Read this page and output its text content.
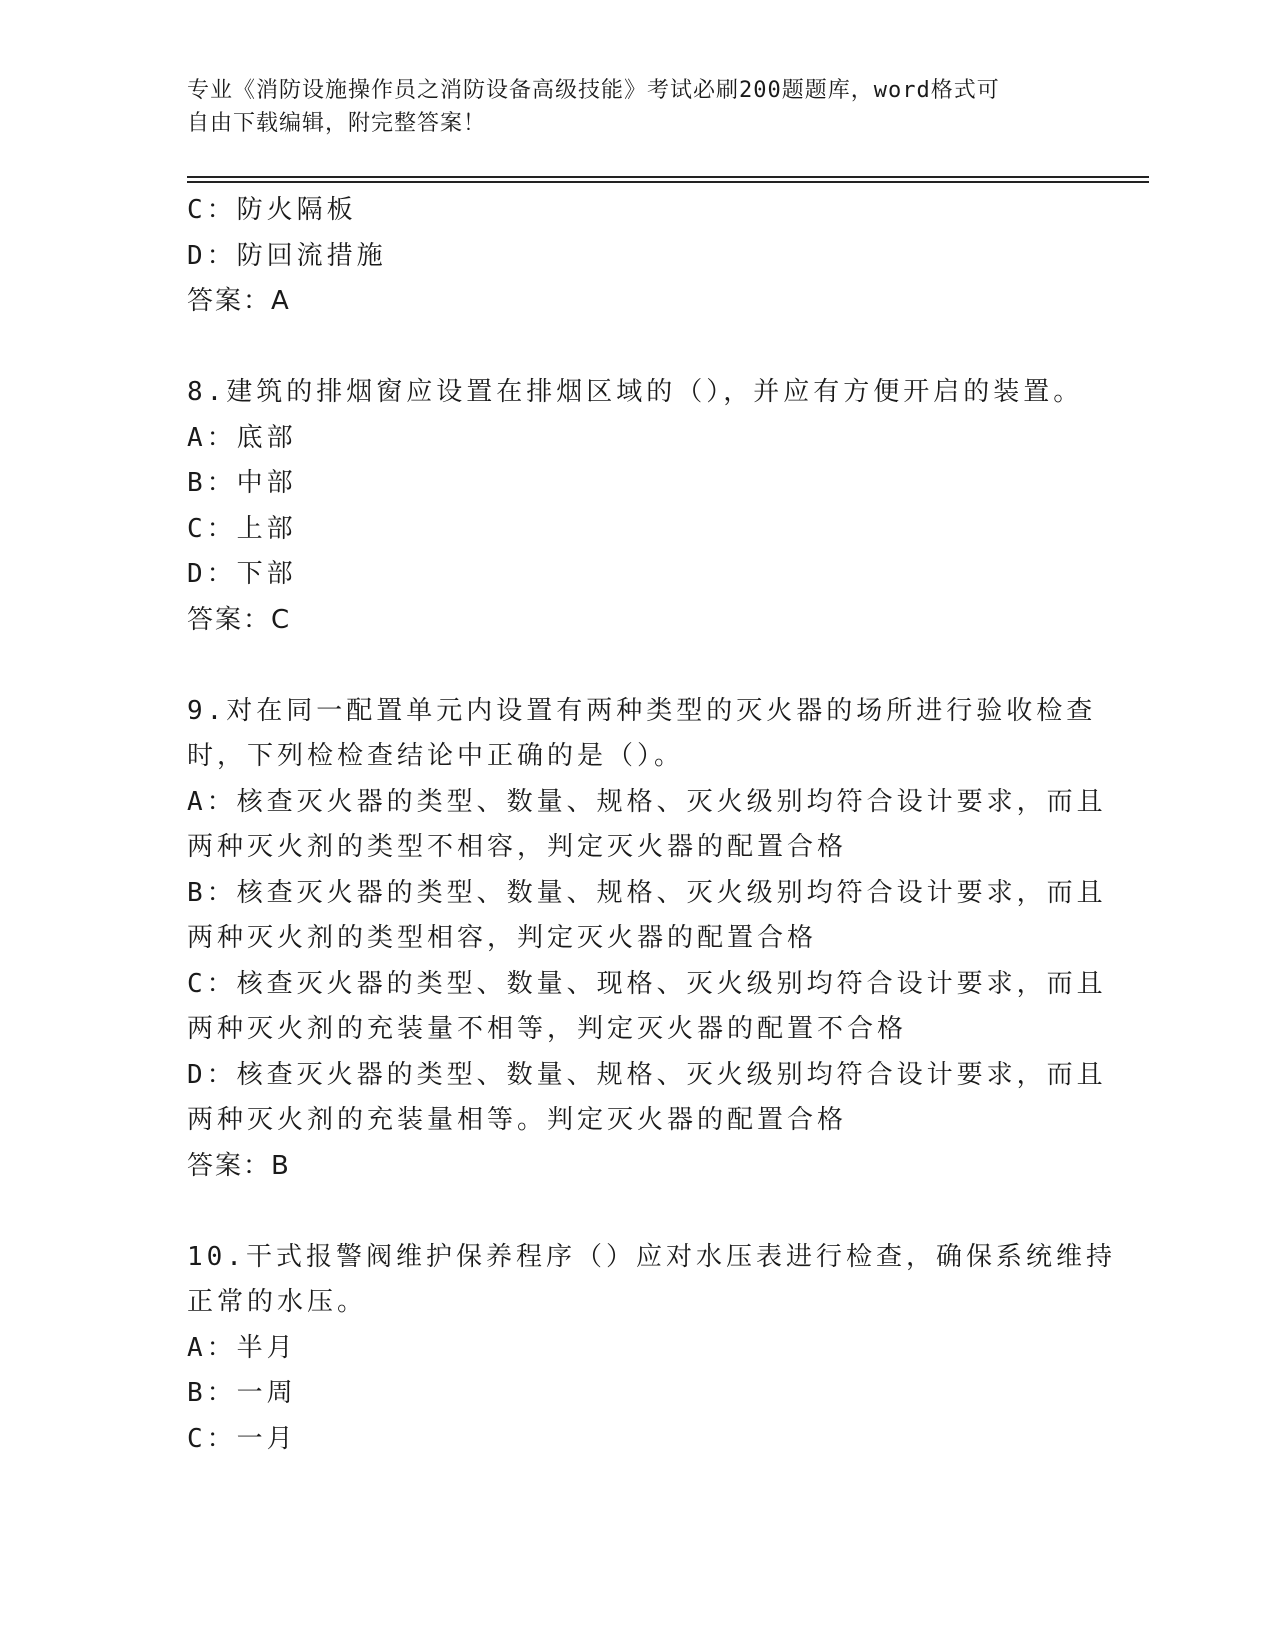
专业《消防设施操作员之消防设备高级技能》考试必刷200题题库，word格式可
自由下载编辑，附完整答案！
C：防火隔板
D：防回流措施
答案：A
8.建筑的排烟窗应设置在排烟区域的（），并应有方便开启的装置。
A：底部
B：中部
C：上部
D：下部
答案：C
9.对在同一配置单元内设置有两种类型的灭火器的场所进行验收检查
时，下列检检查结论中正确的是（）。
A：核查灭火器的类型、数量、规格、灭火级别均符合设计要求，而且
两种灭火剂的类型不相容，判定灭火器的配置合格
B：核查灭火器的类型、数量、规格、灭火级别均符合设计要求，而且
两种灭火剂的类型相容，判定灭火器的配置合格
C：核查灭火器的类型、数量、现格、灭火级别均符合设计要求，而且
两种灭火剂的充装量不相等，判定灭火器的配置不合格
D：核查灭火器的类型、数量、规格、灭火级别均符合设计要求，而且
两种灭火剂的充装量相等。判定灭火器的配置合格
答案：B
10.干式报警阀维护保养程序（）应对水压表进行检查，确保系统维持
正常的水压。
A：半月
B：一周
C：一月
